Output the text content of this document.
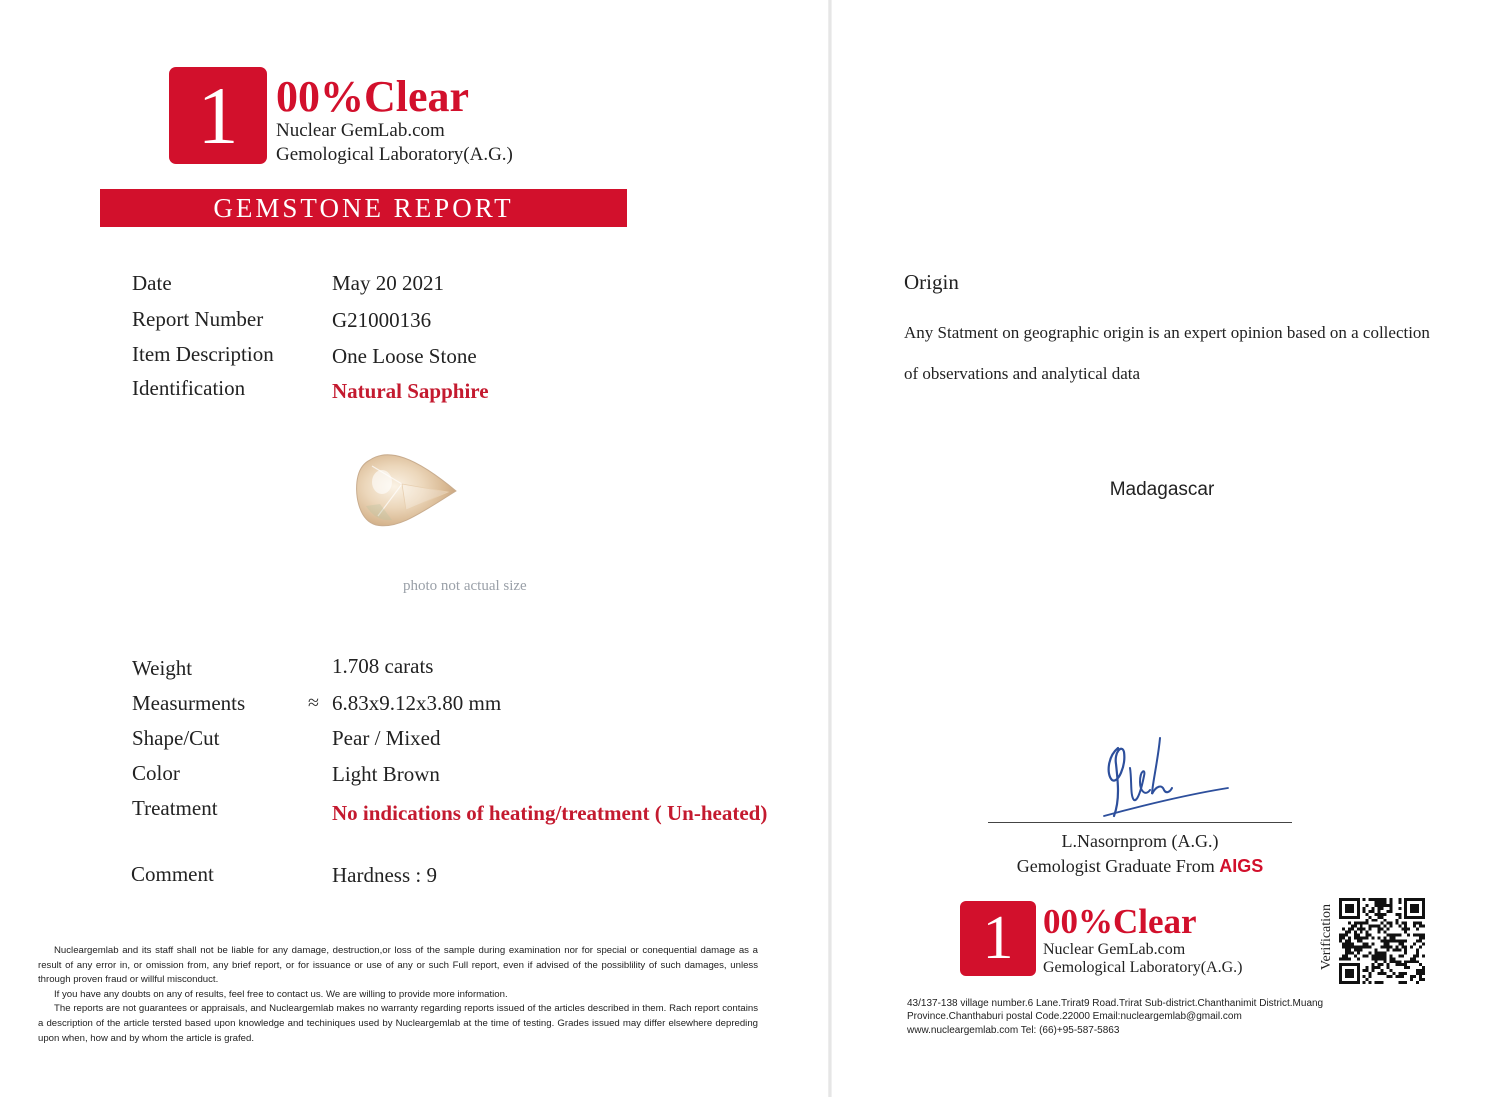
1 00%Clear
Nuclear GemLab.com
Gemological Laboratory(A.G.)
GEMSTONE REPORT
Date	May 20 2021
Report Number	G21000136
Item Description	One Loose Stone
Identification	Natural Sapphire
photo not actual size
Weight	1.708 carats
Measurments	≈ 6.83x9.12x3.80 mm
Shape/Cut	Pear / Mixed
Color	Light Brown
Treatment	No indications of heating/treatment ( Un-heated)
Comment	Hardness : 9

Nucleargemlab and its staff shall not be liable for any damage, destruction,or loss of the sample during examination nor for special or conequential damage as a result of any error in, or omission from, any brief report, or for issuance or use of any or such Full report, even if advised of the possiblility of such damages, unless through proven fraud or willful misconduct.

If you have any doubts on any of results, feel free to contact us. We are willing to provide more information.

The reports are not guarantees or appraisals, and Nucleargemlab makes no warranty regarding reports issued of the articles described in them. Rach report contains a description of the article tersted based upon knowledge and techiniques used by Nucleargemlab at the time of testing. Grades issued may differ elsewhere depreding upon when, how and by whom the article is grafed.

Origin
Any Statment on geographic origin is an expert opinion based on a collection of observations and analytical data
Madagascar
L.Nasornprom (A.G.)
Gemologist Graduate From AIGS
1 00%Clear
Nuclear GemLab.com
Gemological Laboratory(A.G.)	Verification
43/137-138 village number.6 Lane.Trirat9 Road.Trirat Sub-district.Chanthanimit District.Muang
Province.Chanthaburi postal Code.22000 Email:nucleargemlab@gmail.com
www.nucleargemlab.com Tel: (66)+95-587-5863
